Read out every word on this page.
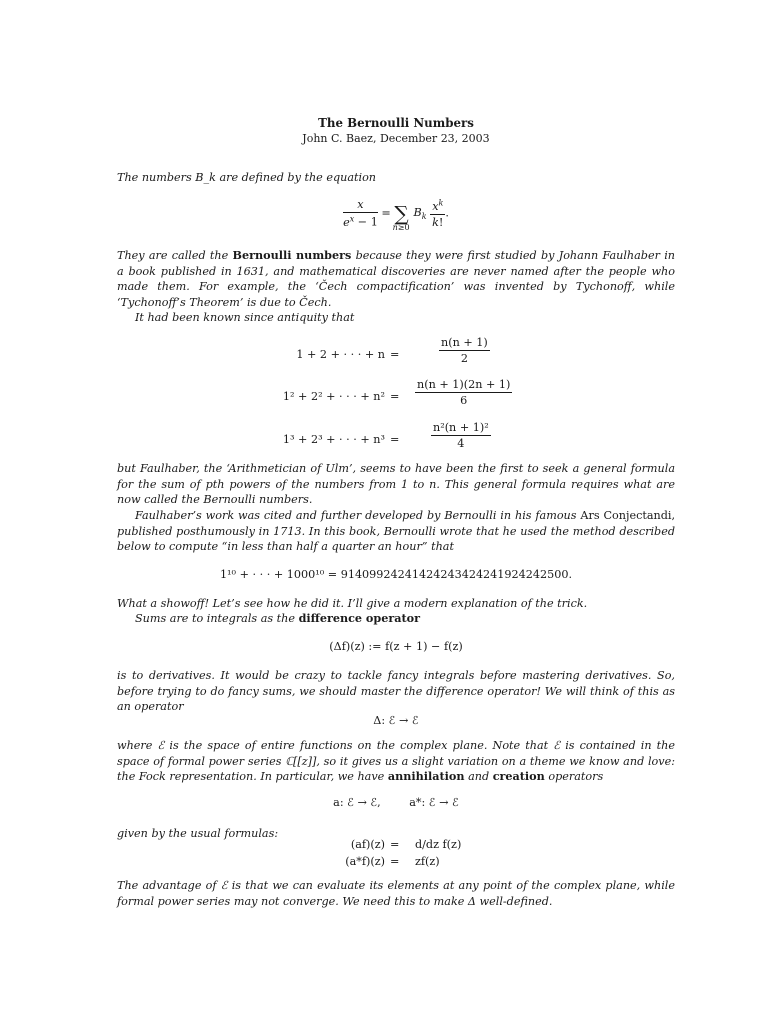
The Bernoulli Numbers
John C. Baez, December 23, 2003
The numbers B_k are defined by the equation
$\frac{x}{e^x - 1} = \sum_{n\ge 0}B_k \frac{x^k}{k!}$ .
They are called the Bernoulli numbers because they were first studied by Johann Faulhaber in a book published in 1631, and mathematical discoveries are never named after the people who made them. For example, the ‘Čech compactification’ was invented by Tychonoff, while ‘Tychonoff’s Theorem’ is due to Čech.
It had been known since antiquity that
1 + 2 + · · · + n =	$\frac{n(n + 1)}{2}$
1² + 2² + · · · + $n^2 = \frac{n(n + 1)(2n + 1)}{6}$
1³ + 2³ + · · · + n³ =	$\frac{\text{n²(n + 1)²}}{4}$
but Faulhaber, the ‘Arithmetician of Ulm’, seems to have been the first to seek a general formula for the sum of pth powers of the numbers from 1 to n. This general formula requires what are now called the Bernoulli numbers.
Faulhaber’s work was cited and further developed by Bernoulli in his famous Ars Conjectandi, published posthumously in 1713. In this book, Bernoulli wrote that he used the method described below to compute “in less than half a quarter an hour” that
1¹⁰ + · · · + 1000¹⁰ = 91409924241424243424241924242500.
What a showoff! Let’s see how he did it. I’ll give a modern explanation of the trick.
Sums are to integrals as the difference operator
(Δf)(z) := f(z + 1) − f(z)
is to derivatives. It would be crazy to tackle fancy integrals before mastering derivatives. So, before trying to do fancy sums, we should master the difference operator! We will think of this as an operator
Δ: ℰ → ℰ
where ℰ is the space of entire functions on the complex plane. Note that ℰ is contained in the space of formal power series ℂ[[z]], so it gives us a slight variation on a theme we know and love: the Fock representation. In particular, we have annihilation and creation operators
a: ℰ → ℰ,        a*: ℰ → ℰ
given by the usual formulas:
(af)(z) = d/dz f(z)
(a*f)(z) = zf(z)
The advantage of ℰ is that we can evaluate its elements at any point of the complex plane, while formal power series may not converge. We need this to make Δ well-defined.
